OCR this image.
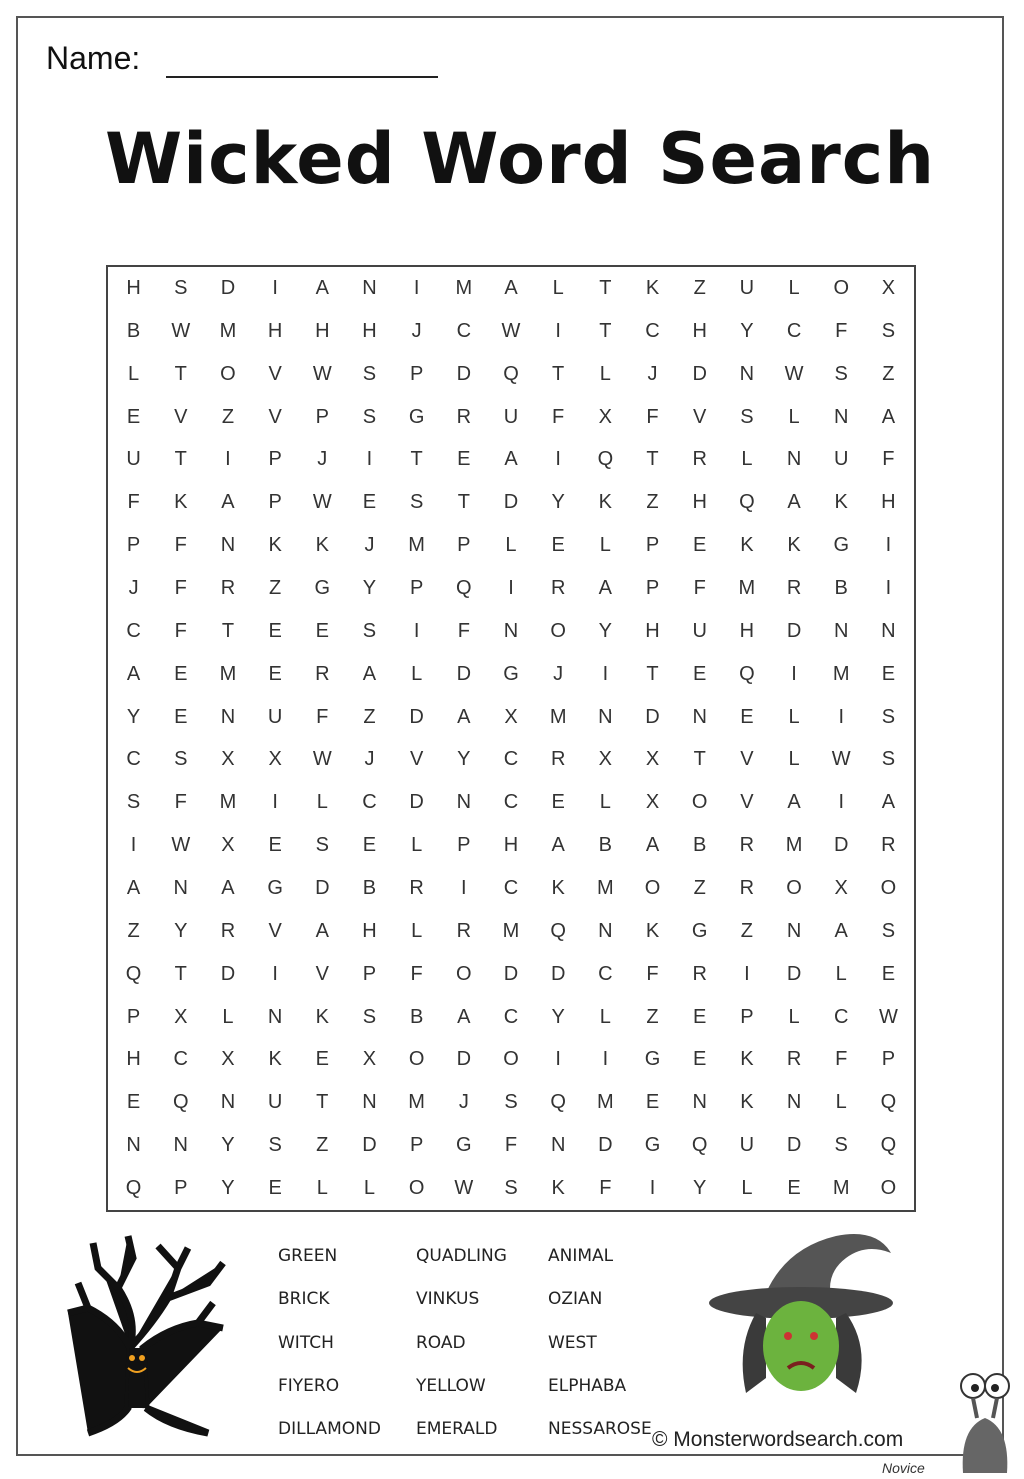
Name:
Wicked Word Search
H	S	D	I	A	N	I	M	A	L	T	K	Z	U	L	O	X
B	W	M	H	H	H	J	C	W	I	T	C	H	Y	C	F	S
L	T	O	V	W	S	P	D	Q	T	L	J	D	N	W	S	Z
E	V	Z	V	P	S	G	R	U	F	X	F	V	S	L	N	A
U	T	I	P	J	I	T	E	A	I	Q	T	R	L	N	U	F
F	K	A	P	W	E	S	T	D	Y	K	Z	H	Q	A	K	H
P	F	N	K	K	J	M	P	L	E	L	P	E	K	K	G	I
J	F	R	Z	G	Y	P	Q	I	R	A	P	F	M	R	B	I
C	F	T	E	E	S	I	F	N	O	Y	H	U	H	D	N	N
A	E	M	E	R	A	L	D	G	J	I	T	E	Q	I	M	E
Y	E	N	U	F	Z	D	A	X	M	N	D	N	E	L	I	S
C	S	X	X	W	J	V	Y	C	R	X	X	T	V	L	W	S
S	F	M	I	L	C	D	N	C	E	L	X	O	V	A	I	A
I	W	X	E	S	E	L	P	H	A	B	A	B	R	M	D	R
A	N	A	G	D	B	R	I	C	K	M	O	Z	R	O	X	O
Z	Y	R	V	A	H	L	R	M	Q	N	K	G	Z	N	A	S
Q	T	D	I	V	P	F	O	D	D	C	F	R	I	D	L	E
P	X	L	N	K	S	B	A	C	Y	L	Z	E	P	L	C	W
H	C	X	K	E	X	O	D	O	I	I	G	E	K	R	F	P
E	Q	N	U	T	N	M	J	S	Q	M	E	N	K	N	L	Q
N	N	Y	S	Z	D	P	G	F	N	D	G	Q	U	D	S	Q
Q	P	Y	E	L	L	O	W	S	K	F	I	Y	L	E	M	O
GREEN	QUADLING	ANIMAL
BRICK	VINKUS	OZIAN
WITCH	ROAD	WEST
FIYERO	YELLOW	ELPHABA
DILLAMOND	EMERALD	NESSAROSE © Monsterwordsearch.com
Novice
